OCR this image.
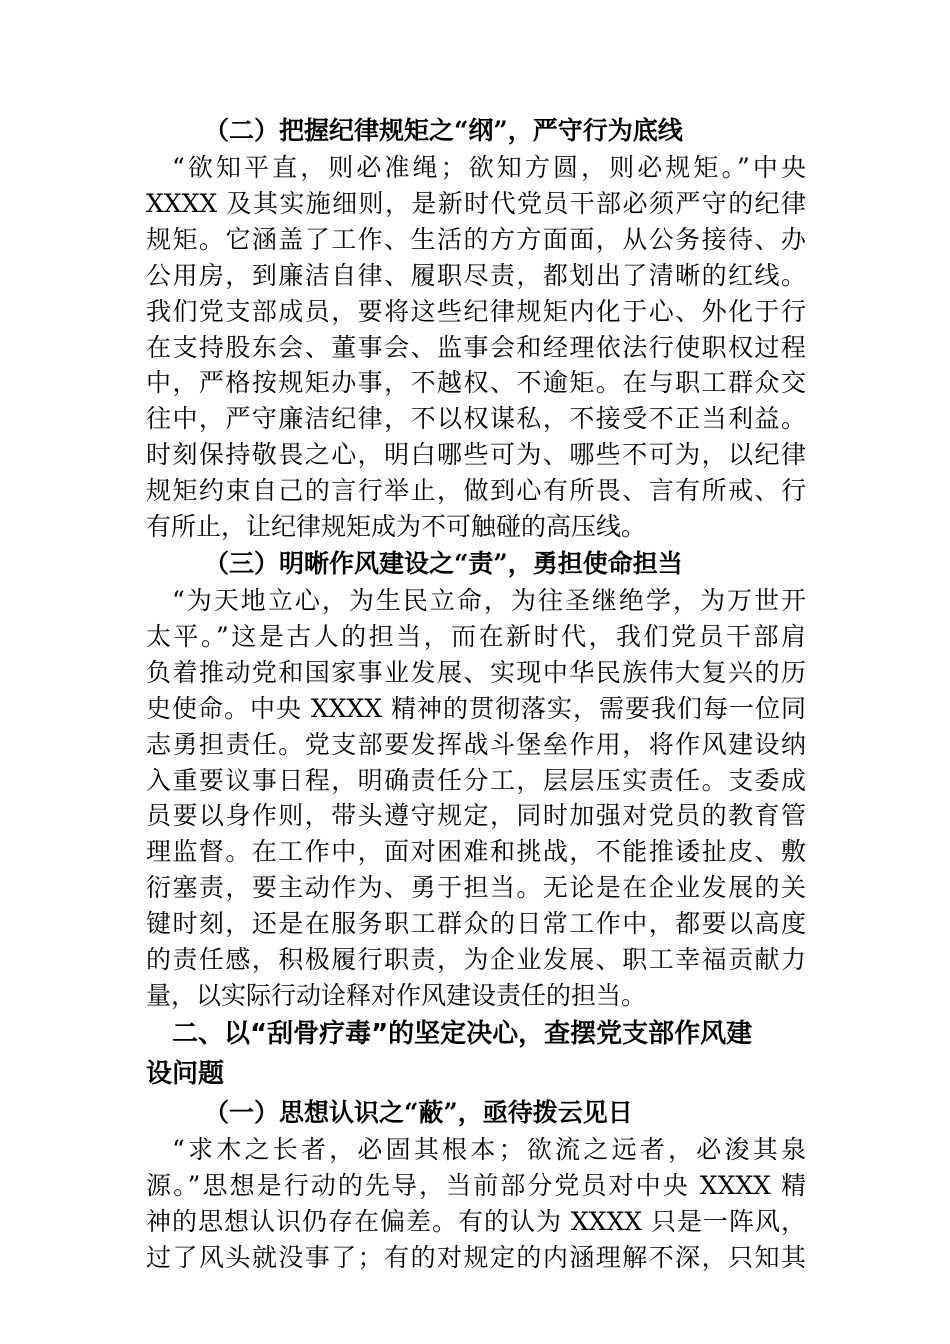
（二）把握纪律规矩之“纲”，严守行为底线
“欲知平直，则必准绳；欲知方圆，则必规矩。”中央
XXXX 及其实施细则，是新时代党员干部必须严守的纪律
规矩。它涵盖了工作、生活的方方面面，从公务接待、办
公用房，到廉洁自律、履职尽责，都划出了清晰的红线。
我们党支部成员，要将这些纪律规矩内化于心、外化于行
在支持股东会、董事会、监事会和经理依法行使职权过程
中，严格按规矩办事，不越权、不逾矩。在与职工群众交
往中，严守廉洁纪律，不以权谋私，不接受不正当利益。
时刻保持敬畏之心，明白哪些可为、哪些不可为，以纪律
规矩约束自己的言行举止，做到心有所畏、言有所戒、行
有所止，让纪律规矩成为不可触碰的高压线。
（三）明晰作风建设之“责”，勇担使命担当
“为天地立心，为生民立命，为往圣继绝学，为万世开
太平。”这是古人的担当，而在新时代，我们党员干部肩
负着推动党和国家事业发展、实现中华民族伟大复兴的历
史使命。中央 XXXX 精神的贯彻落实，需要我们每一位同
志勇担责任。党支部要发挥战斗堡垒作用，将作风建设纳
入重要议事日程，明确责任分工，层层压实责任。支委成
员要以身作则，带头遵守规定，同时加强对党员的教育管
理监督。在工作中，面对困难和挑战，不能推诿扯皮、敷
衍塞责，要主动作为、勇于担当。无论是在企业发展的关
键时刻，还是在服务职工群众的日常工作中，都要以高度
的责任感，积极履行职责，为企业发展、职工幸福贡献力
量，以实际行动诠释对作风建设责任的担当。
二、以“刮骨疗毒”的坚定决心，查摆党支部作风建
设问题
（一）思想认识之“蔽”，亟待拨云见日
“求木之长者，必固其根本；欲流之远者，必浚其泉
源。”思想是行动的先导，当前部分党员对中央 XXXX 精
神的思想认识仍存在偏差。有的认为 XXXX 只是一阵风，
过了风头就没事了；有的对规定的内涵理解不深，只知其
